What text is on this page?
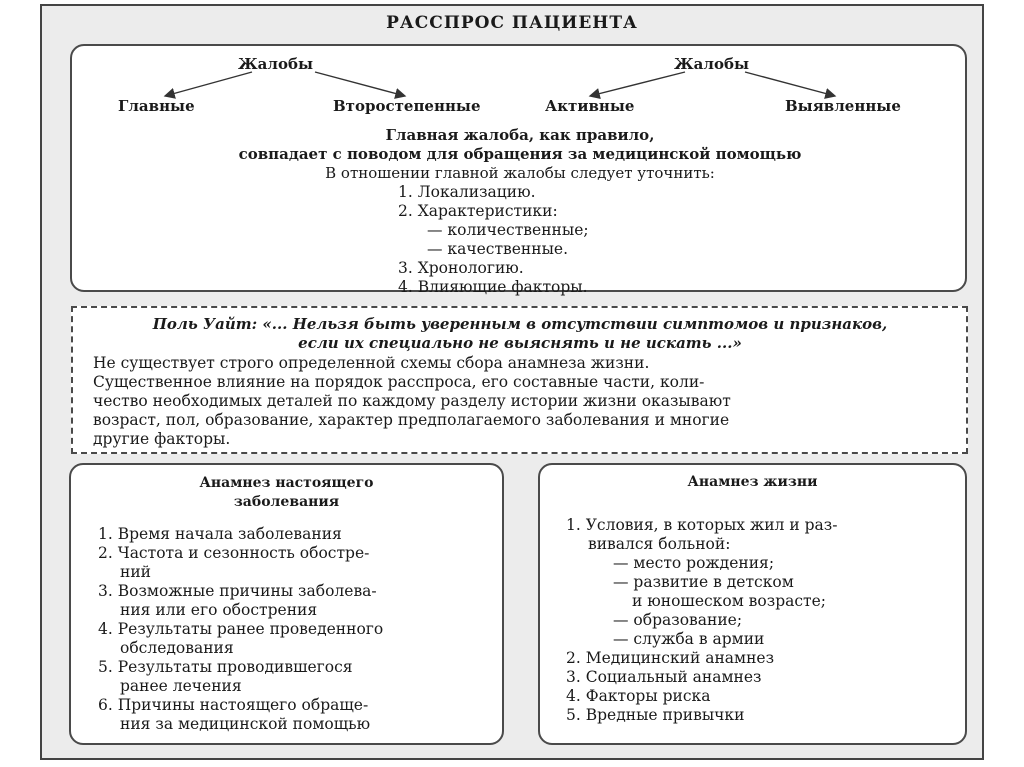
РАССПРОС ПАЦИЕНТА
Жалобы	Жалобы
Главные	Второстепенные	Активные	Выявленные
Главная жалоба, как правило,
совпадает с поводом для обращения за медицинской помощью
В отношении главной жалобы следует уточнить:
1. Локализацию.
2. Характеристики:
— количественные;
— качественные.
3. Хронологию.
4. Влияющие факторы.
Поль Уайт: «... Нельзя быть уверенным в отсутствии симптомов и признаков,
если их специально не выяснять и не искать ...»
Не существует строго определенной схемы сбора анамнеза жизни.
Существенное влияние на порядок расспроса, его составные части, коли-
чество необходимых деталей по каждому разделу истории жизни оказывают
возраст, пол, образование, характер предполагаемого заболевания и многие
другие факторы.
Анамнез настоящего
заболевания
1. Время начала заболевания
2. Частота и сезонность обостре-
ний
3. Возможные причины заболева-
ния или его обострения
4. Результаты ранее проведенного
обследования
5. Результаты проводившегося
ранее лечения
6. Причины настоящего обраще-
ния за медицинской помощью
Анамнез жизни
1. Условия, в которых жил и раз-
вивался больной:
— место рождения;
— развитие в детском
и юношеском возрасте;
— образование;
— служба в армии
2. Медицинский анамнез
3. Социальный анамнез
4. Факторы риска
5. Вредные привычки
